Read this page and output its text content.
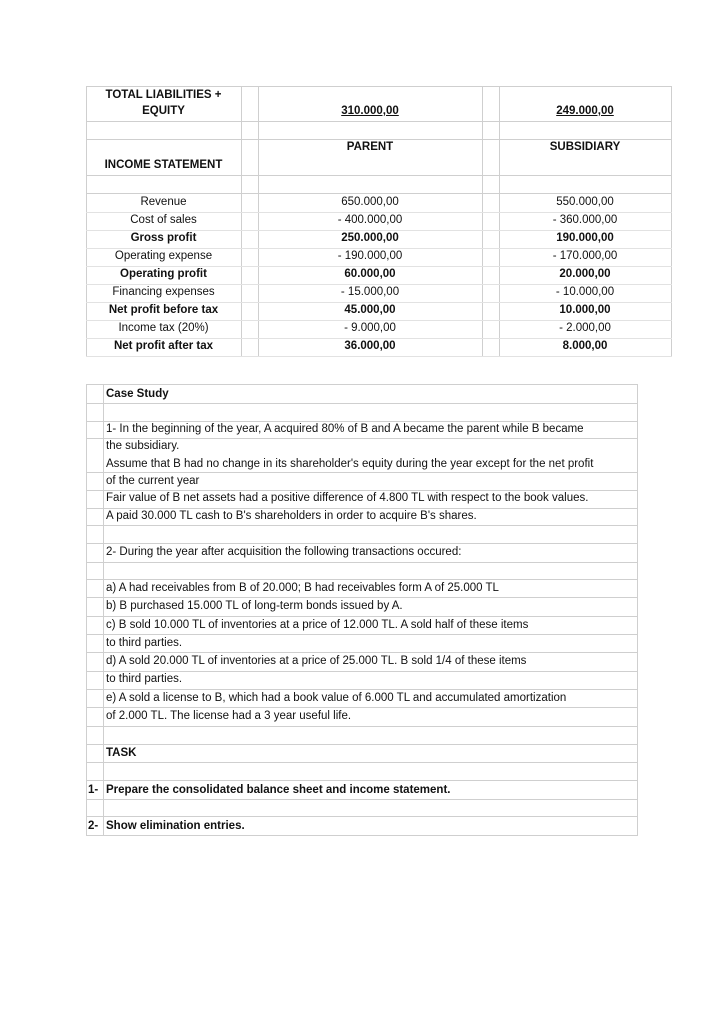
TOTAL LIABILITIES +
EQUITY	310.000,00	249.000,00
PARENT	SUBSIDIARY
INCOME STATEMENT
Revenue	650.000,00	550.000,00
Cost of sales	- 400.000,00	- 360.000,00
Gross profit	250.000,00	190.000,00
Operating expense	- 190.000,00	- 170.000,00
Operating profit	60.000,00	20.000,00
Financing expenses	- 15.000,00	- 10.000,00
Net profit before tax	45.000,00	10.000,00
Income tax (20%)	- 9.000,00	- 2.000,00
Net profit after tax	36.000,00	8.000,00
Case Study
1- In the beginning of the year, A acquired 80% of B and A became the parent while B became
the subsidiary.
Assume that B had no change in its shareholder's equity during the year except for the net profit
of the current year
Fair value of B net assets had a positive difference of 4.800 TL with respect to the book values.
A paid 30.000 TL cash to B's shareholders in order to acquire B's shares.
2- During the year after acquisition the following transactions occured:
a) A had receivables from B of 20.000; B had receivables form A of 25.000 TL
b) B purchased 15.000 TL of long-term bonds issued by A.
c) B sold 10.000 TL of inventories at a price of 12.000 TL. A sold half of these items
to third parties.
d) A sold 20.000 TL of inventories at a price of 25.000 TL. B sold 1/4 of these items
to third parties.
e) A sold a license to B, which had a book value of 6.000 TL and accumulated amortization
of 2.000 TL. The license had a 3 year useful life.
TASK
1- Prepare the consolidated balance sheet and income statement.
2- Show elimination entries.
